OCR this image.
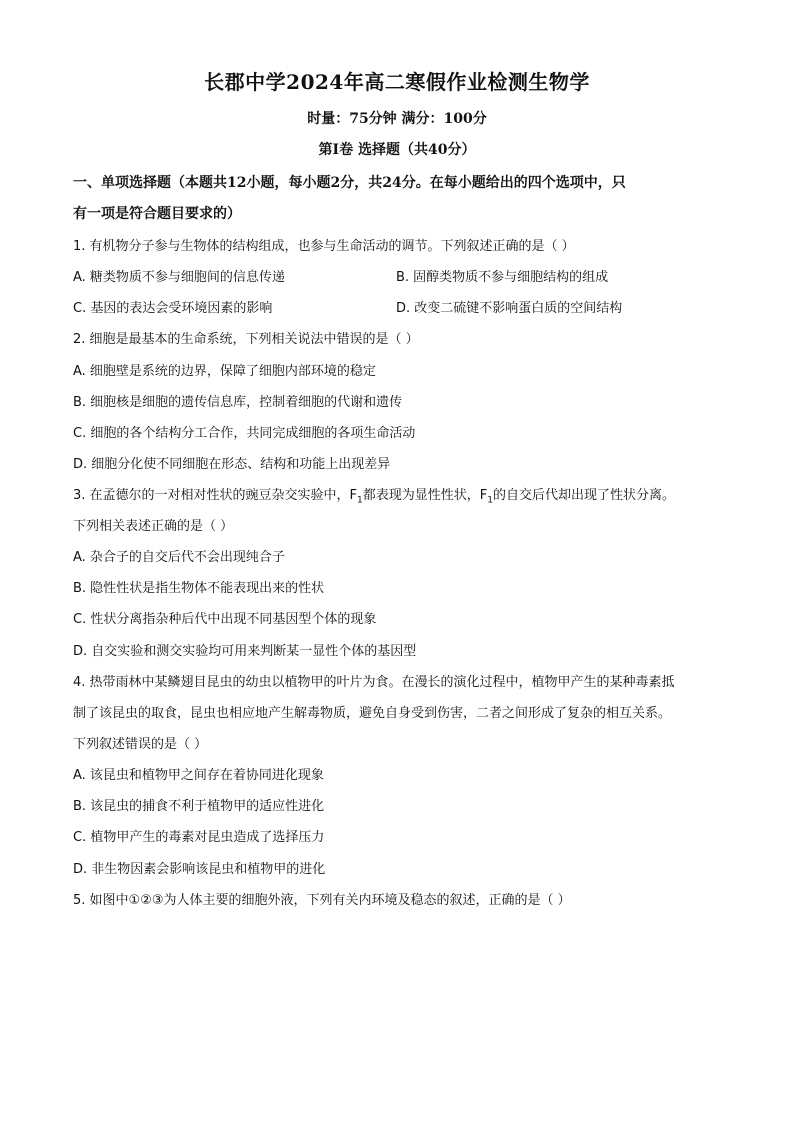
长郡中学2024年高二寒假作业检测生物学
时量：75分钟 满分：100分
第I卷 选择题（共40分）
一、单项选择题（本题共12小题，每小题2分，共24分。在每小题给出的四个选项中，只
有一项是符合题目要求的）
1. 有机物分子参与生物体的结构组成，也参与生命活动的调节。下列叙述正确的是（ ）
A. 糖类物质不参与细胞间的信息传递	B. 固醇类物质不参与细胞结构的组成
C. 基因的表达会受环境因素的影响	D. 改变二硫键不影响蛋白质的空间结构
2. 细胞是最基本的生命系统，下列相关说法中错误的是（ ）
A. 细胞壁是系统的边界，保障了细胞内部环境的稳定
B. 细胞核是细胞的遗传信息库，控制着细胞的代谢和遗传
C. 细胞的各个结构分工合作，共同完成细胞的各项生命活动
D. 细胞分化使不同细胞在形态、结构和功能上出现差异
3. 在孟德尔的一对相对性状的豌豆杂交实验中，$F_1$都表现为显性性状，$F_1$的自交后代却出现了性状分离。
下列相关表述正确的是（ ）
A. 杂合子的自交后代不会出现纯合子
B. 隐性性状是指生物体不能表现出来的性状
C. 性状分离指杂种后代中出现不同基因型个体的现象
D. 自交实验和测交实验均可用来判断某一显性个体的基因型
4. 热带雨林中某鳞翅目昆虫的幼虫以植物甲的叶片为食。在漫长的演化过程中，植物甲产生的某种毒素抵
制了该昆虫的取食，昆虫也相应地产生解毒物质，避免自身受到伤害，二者之间形成了复杂的相互关系。
下列叙述错误的是（ ）
A. 该昆虫和植物甲之间存在着协同进化现象
B. 该昆虫的捕食不利于植物甲的适应性进化
C. 植物甲产生的毒素对昆虫造成了选择压力
D. 非生物因素会影响该昆虫和植物甲的进化
5. 如图中①②③为人体主要的细胞外液，下列有关内环境及稳态的叙述，正确的是（ ）
